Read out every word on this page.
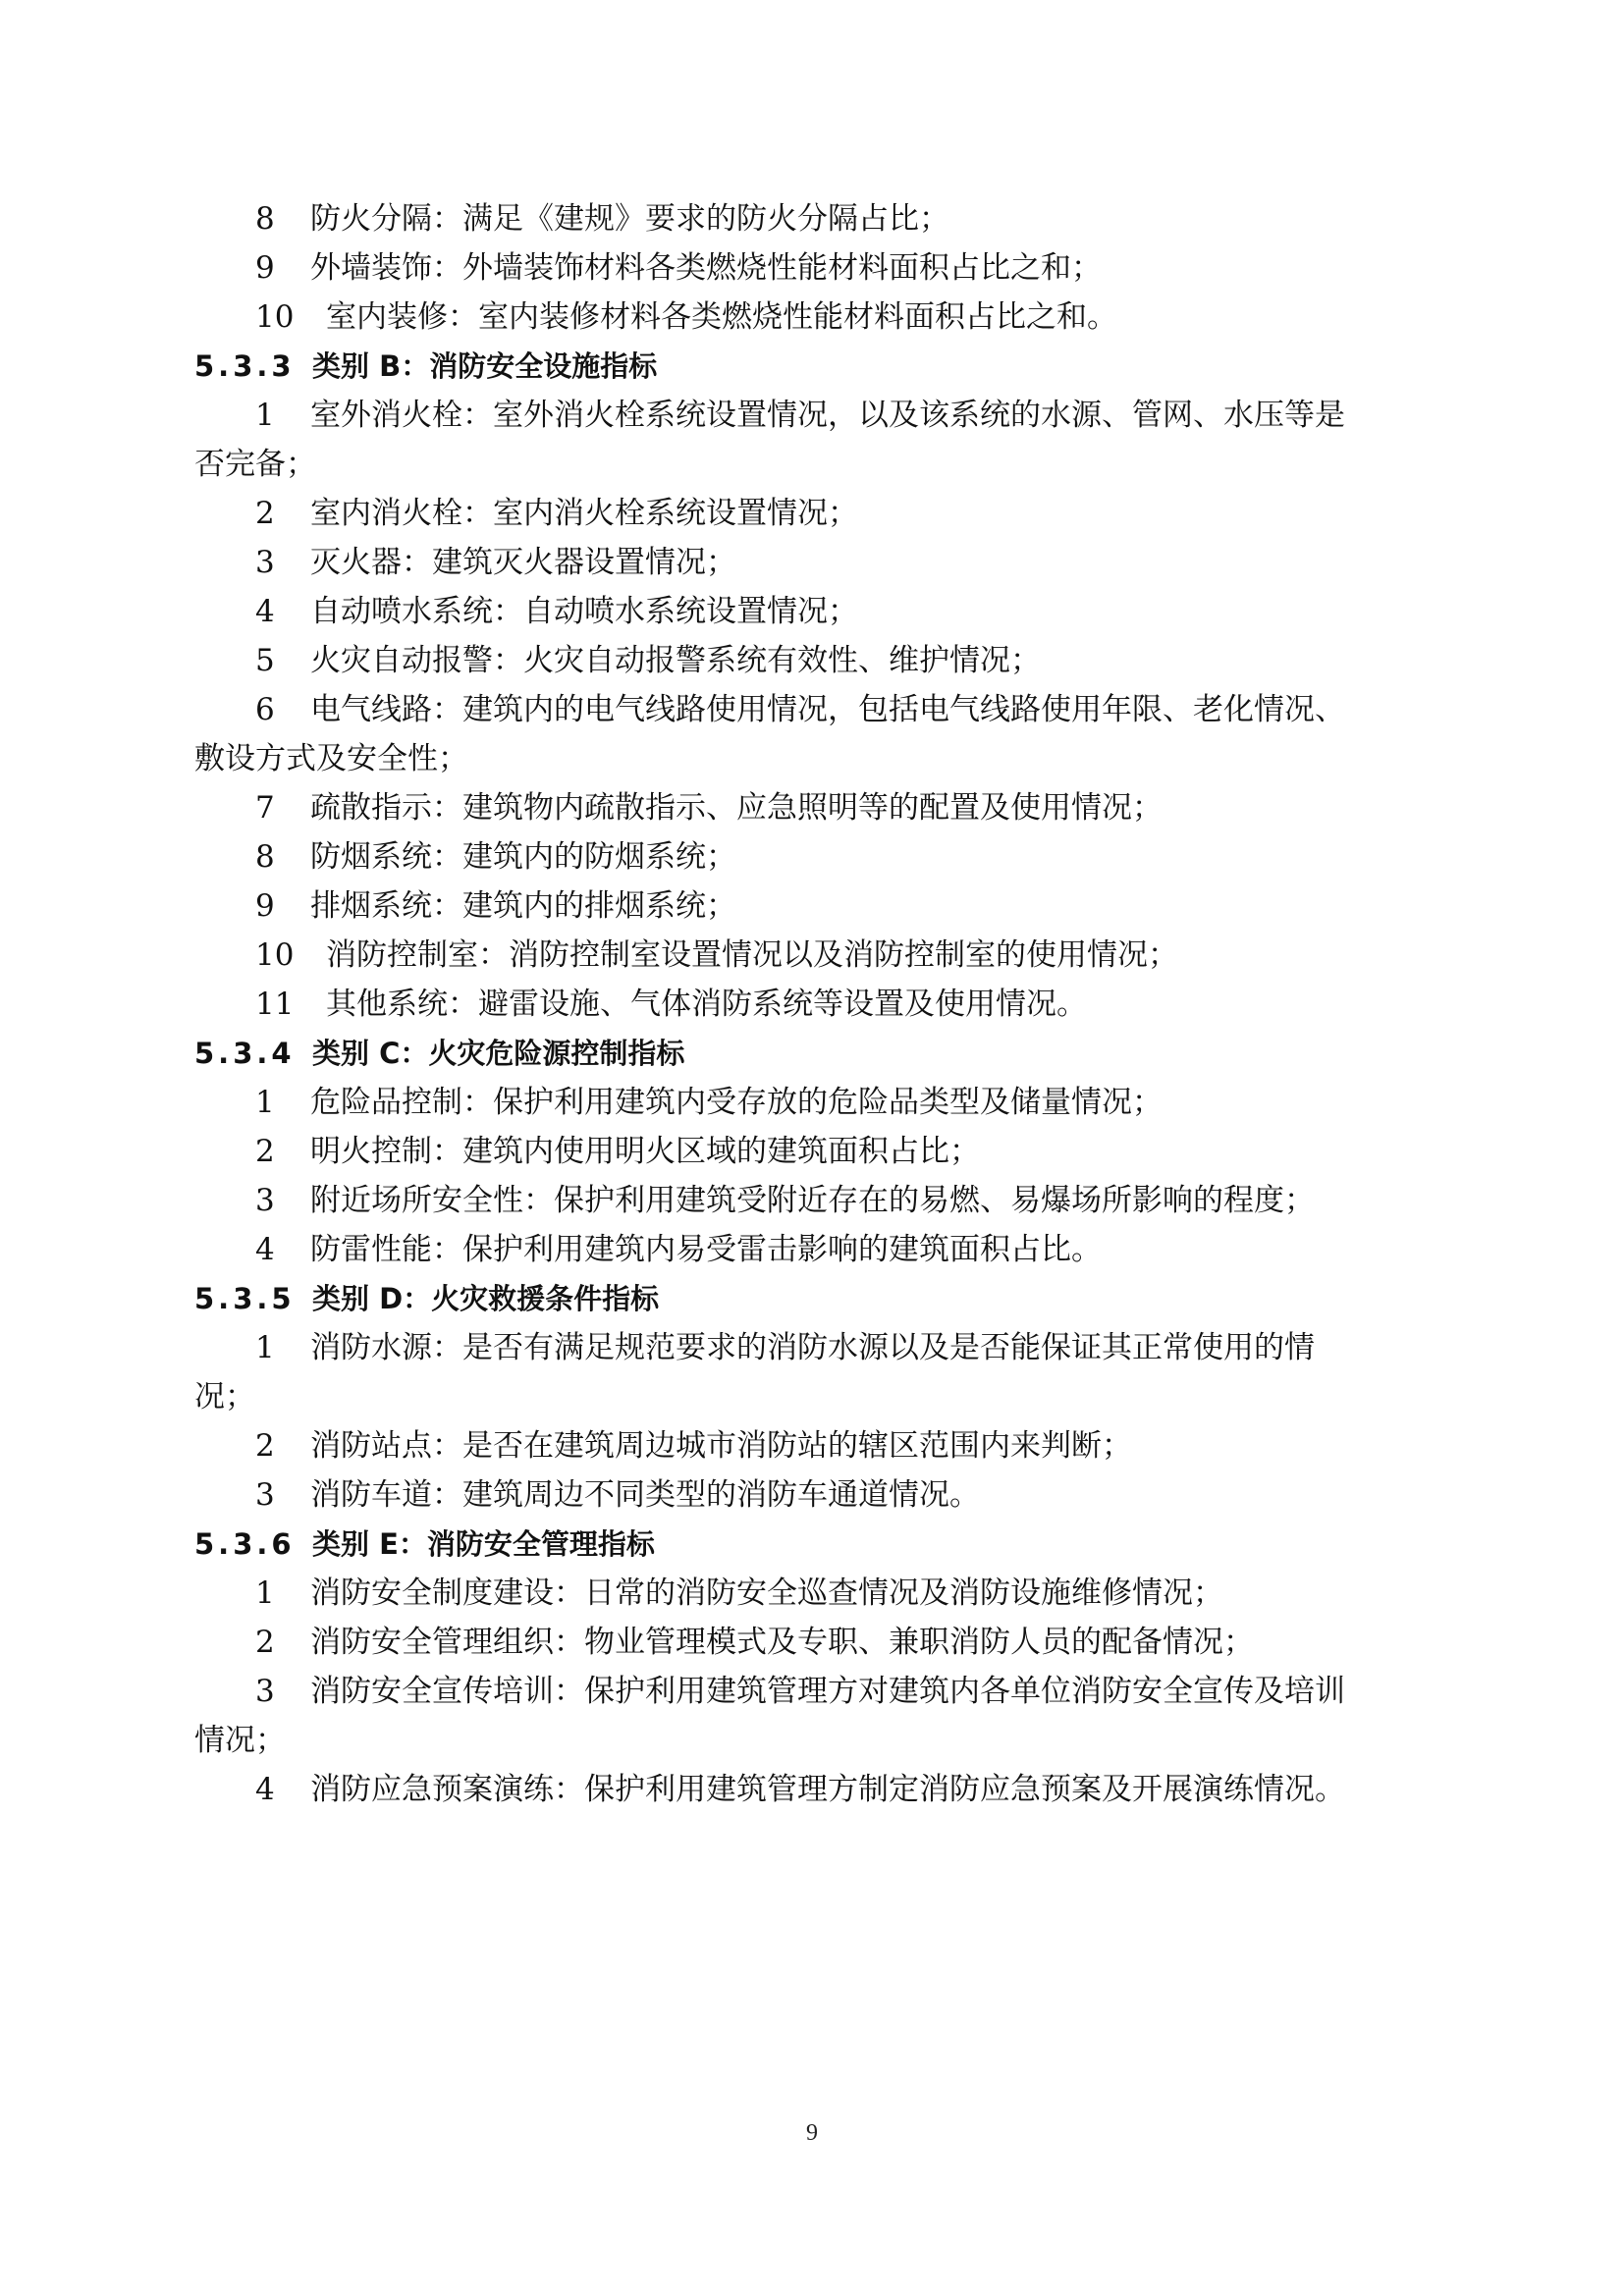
8 防火分隔：满足《建规》要求的防火分隔占比；
9 外墙装饰：外墙装饰材料各类燃烧性能材料面积占比之和；
10 室内装修：室内装修材料各类燃烧性能材料面积占比之和。
5.3.3 类别 B：消防安全设施指标
1 室外消火栓：室外消火栓系统设置情况，以及该系统的水源、管网、水压等是
否完备；
2 室内消火栓：室内消火栓系统设置情况；
3 灭火器：建筑灭火器设置情况；
4 自动喷水系统：自动喷水系统设置情况；
5 火灾自动报警：火灾自动报警系统有效性、维护情况；
6 电气线路：建筑内的电气线路使用情况，包括电气线路使用年限、老化情况、
敷设方式及安全性；
7 疏散指示：建筑物内疏散指示、应急照明等的配置及使用情况；
8 防烟系统：建筑内的防烟系统；
9 排烟系统：建筑内的排烟系统；
10 消防控制室：消防控制室设置情况以及消防控制室的使用情况；
11 其他系统：避雷设施、气体消防系统等设置及使用情况。
5.3.4 类别 C：火灾危险源控制指标
1 危险品控制：保护利用建筑内受存放的危险品类型及储量情况；
2 明火控制：建筑内使用明火区域的建筑面积占比；
3 附近场所安全性：保护利用建筑受附近存在的易燃、易爆场所影响的程度；
4 防雷性能：保护利用建筑内易受雷击影响的建筑面积占比。
5.3.5 类别 D：火灾救援条件指标
1 消防水源：是否有满足规范要求的消防水源以及是否能保证其正常使用的情
况；
2 消防站点：是否在建筑周边城市消防站的辖区范围内来判断；
3 消防车道：建筑周边不同类型的消防车通道情况。
5.3.6 类别 E：消防安全管理指标
1 消防安全制度建设：日常的消防安全巡查情况及消防设施维修情况；
2 消防安全管理组织：物业管理模式及专职、兼职消防人员的配备情况；
3 消防安全宣传培训：保护利用建筑管理方对建筑内各单位消防安全宣传及培训
情况；
4 消防应急预案演练：保护利用建筑管理方制定消防应急预案及开展演练情况。
9
